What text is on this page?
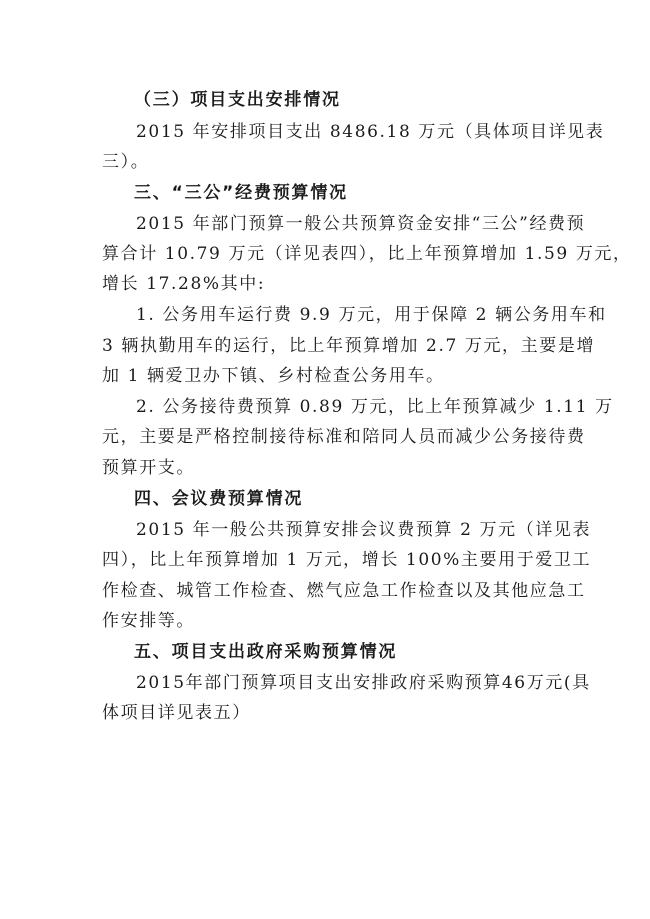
（三）项目支出安排情况
2015 年安排项目支出 8486.18 万元（具体项目详见表
三）。
三、“三公”经费预算情况
2015 年部门预算一般公共预算资金安排“三公”经费预
算合计 10.79 万元（详见表四），比上年预算增加 1.59 万元，
增长 17.28%其中:
1. 公务用车运行费 9.9 万元，用于保障 2 辆公务用车和
3 辆执勤用车的运行，比上年预算增加 2.7 万元，主要是增
加 1 辆爱卫办下镇、乡村检查公务用车。
2. 公务接待费预算 0.89 万元，比上年预算减少 1.11 万
元，主要是严格控制接待标准和陪同人员而减少公务接待费
预算开支。
四、会议费预算情况
2015 年一般公共预算安排会议费预算 2 万元（详见表
四），比上年预算增加 1 万元，增长 100%主要用于爱卫工
作检查、城管工作检查、燃气应急工作检查以及其他应急工
作安排等。
五、项目支出政府采购预算情况
2015年部门预算项目支出安排政府采购预算46万元(具
体项目详见表五）
